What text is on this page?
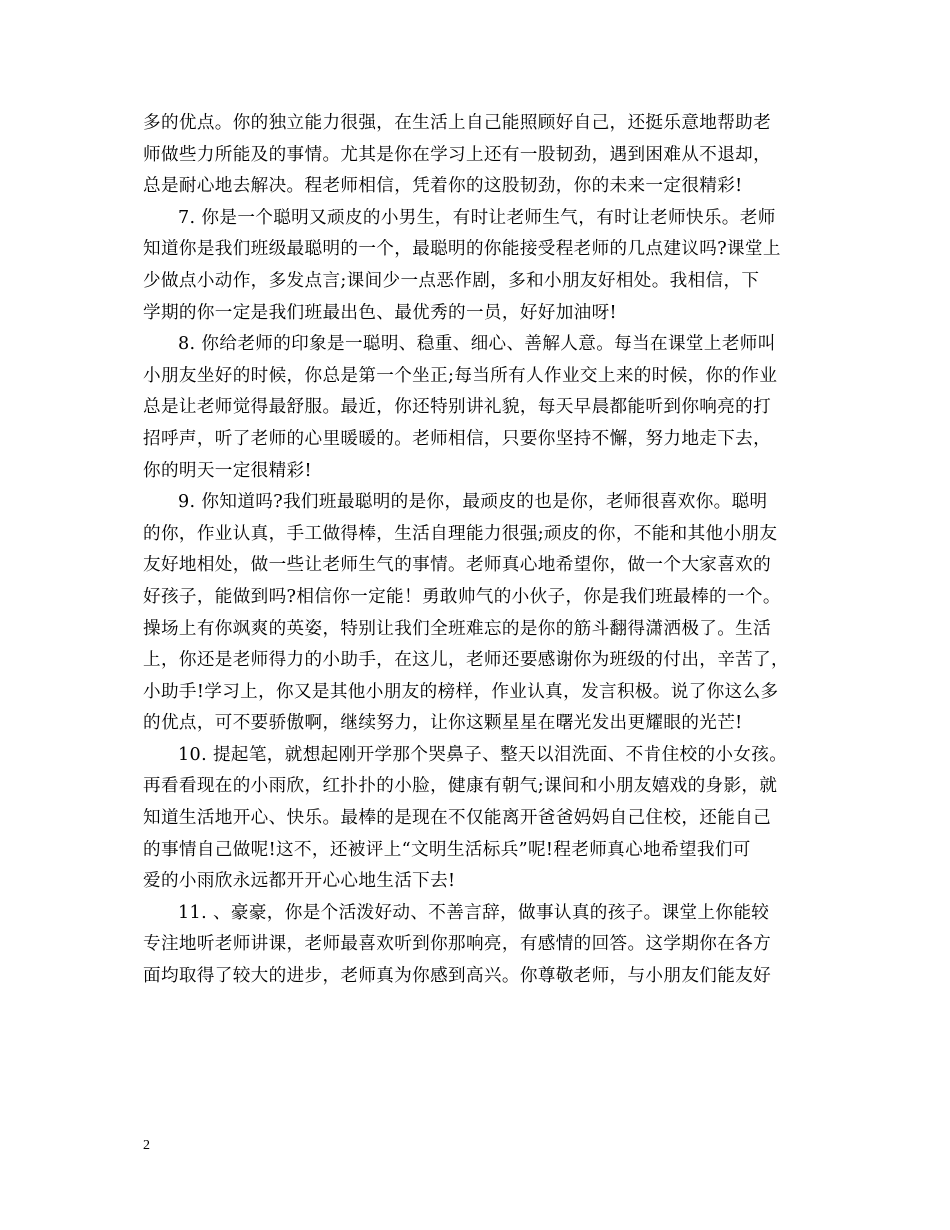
多的优点。你的独立能力很强，在生活上自己能照顾好自己，还挺乐意地帮助老
师做些力所能及的事情。尤其是你在学习上还有一股韧劲，遇到困难从不退却，
总是耐心地去解决。程老师相信，凭着你的这股韧劲，你的未来一定很精彩!
7. 你是一个聪明又顽皮的小男生，有时让老师生气，有时让老师快乐。老师
知道你是我们班级最聪明的一个，最聪明的你能接受程老师的几点建议吗?课堂上
少做点小动作，多发点言;课间少一点恶作剧，多和小朋友好相处。我相信，下
学期的你一定是我们班最出色、最优秀的一员，好好加油呀!
8. 你给老师的印象是一聪明、稳重、细心、善解人意。每当在课堂上老师叫
小朋友坐好的时候，你总是第一个坐正;每当所有人作业交上来的时候，你的作业
总是让老师觉得最舒服。最近，你还特别讲礼貌，每天早晨都能听到你响亮的打
招呼声，听了老师的心里暖暖的。老师相信，只要你坚持不懈，努力地走下去，
你的明天一定很精彩!
9. 你知道吗?我们班最聪明的是你，最顽皮的也是你，老师很喜欢你。聪明
的你，作业认真，手工做得棒，生活自理能力很强;顽皮的你，不能和其他小朋友
友好地相处，做一些让老师生气的事情。老师真心地希望你，做一个大家喜欢的
好孩子，能做到吗?相信你一定能！勇敢帅气的小伙子，你是我们班最棒的一个。
操场上有你飒爽的英姿，特别让我们全班难忘的是你的筋斗翻得潇洒极了。生活
上，你还是老师得力的小助手，在这儿，老师还要感谢你为班级的付出，辛苦了，
小助手!学习上，你又是其他小朋友的榜样，作业认真，发言积极。说了你这么多
的优点，可不要骄傲啊，继续努力，让你这颗星星在曙光发出更耀眼的光芒!
10. 提起笔，就想起刚开学那个哭鼻子、整天以泪洗面、不肯住校的小女孩。
再看看现在的小雨欣，红扑扑的小脸，健康有朝气;课间和小朋友嬉戏的身影，就
知道生活地开心、快乐。最棒的是现在不仅能离开爸爸妈妈自己住校，还能自己
的事情自己做呢!这不，还被评上“文明生活标兵”呢!程老师真心地希望我们可
爱的小雨欣永远都开开心心地生活下去!
11. 、豪豪，你是个活泼好动、不善言辞，做事认真的孩子。课堂上你能较
专注地听老师讲课，老师最喜欢听到你那响亮，有感情的回答。这学期你在各方
面均取得了较大的进步，老师真为你感到高兴。你尊敬老师，与小朋友们能友好
2
